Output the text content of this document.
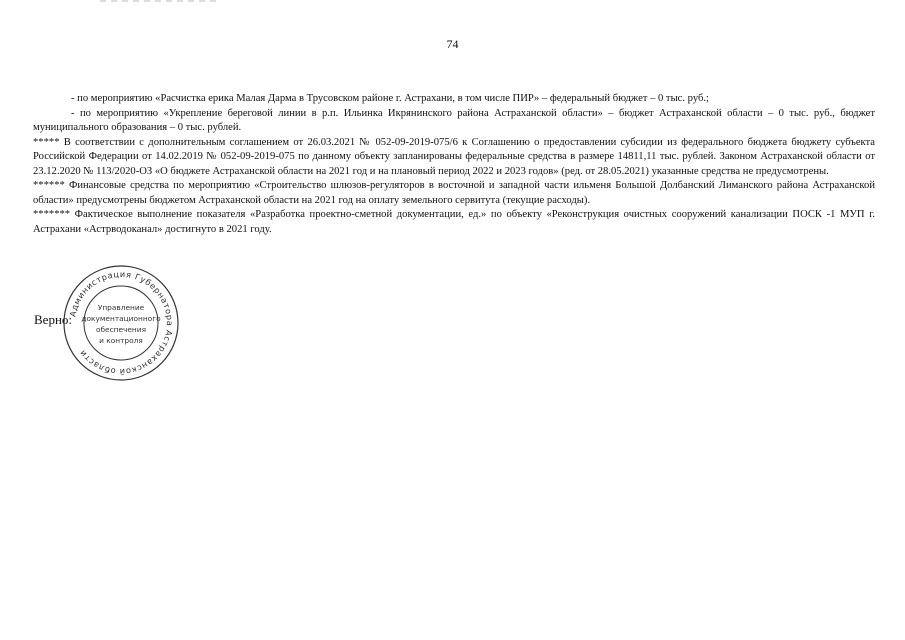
74

- по мероприятию «Расчистка ерика Малая Дарма в Трусовском районе г. Астрахани, в том числе ПИР» – федеральный бюджет – 0 тыс. руб.;

- по мероприятию «Укрепление береговой линии в р.п. Ильинка Икрянинского района Астраханской области» – бюджет Астраханской области – 0 тыс. руб., бюджет муниципального образования – 0 тыс. рублей.

***** В соответствии с дополнительным соглашением от 26.03.2021 № 052-09-2019-075/6 к Соглашению о предоставлении субсидии из федерального бюджета бюджету субъекта Российской Федерации от 14.02.2019 № 052-09-2019-075 по данному объекту запланированы федеральные средства в размере 14811,11 тыс. рублей. Законом Астраханской области от 23.12.2020 № 113/2020-ОЗ «О бюджете Астраханской области на 2021 год и на плановый период 2022 и 2023 годов» (ред. от 28.05.2021) указанные средства не предусмотрены.

****** Финансовые средства по мероприятию «Строительство шлюзов-регуляторов в восточной и западной части ильменя Большой Долбанский Лиманского района Астраханской области» предусмотрены бюджетом Астраханской области на 2021 год на оплату земельного сервитута (текущие расходы).

******* Фактическое выполнение показателя «Разработка проектно-сметной документации, ед.» по объекту «Реконструкция очистных сооружений канализации ПОСК -1 МУП г. Астрахани «Астрводоканал» достигнуто в 2021 году.

Верно:
Администрация Губернатора Астраханской области
Управление
документационного
обеспечения
и контроля
